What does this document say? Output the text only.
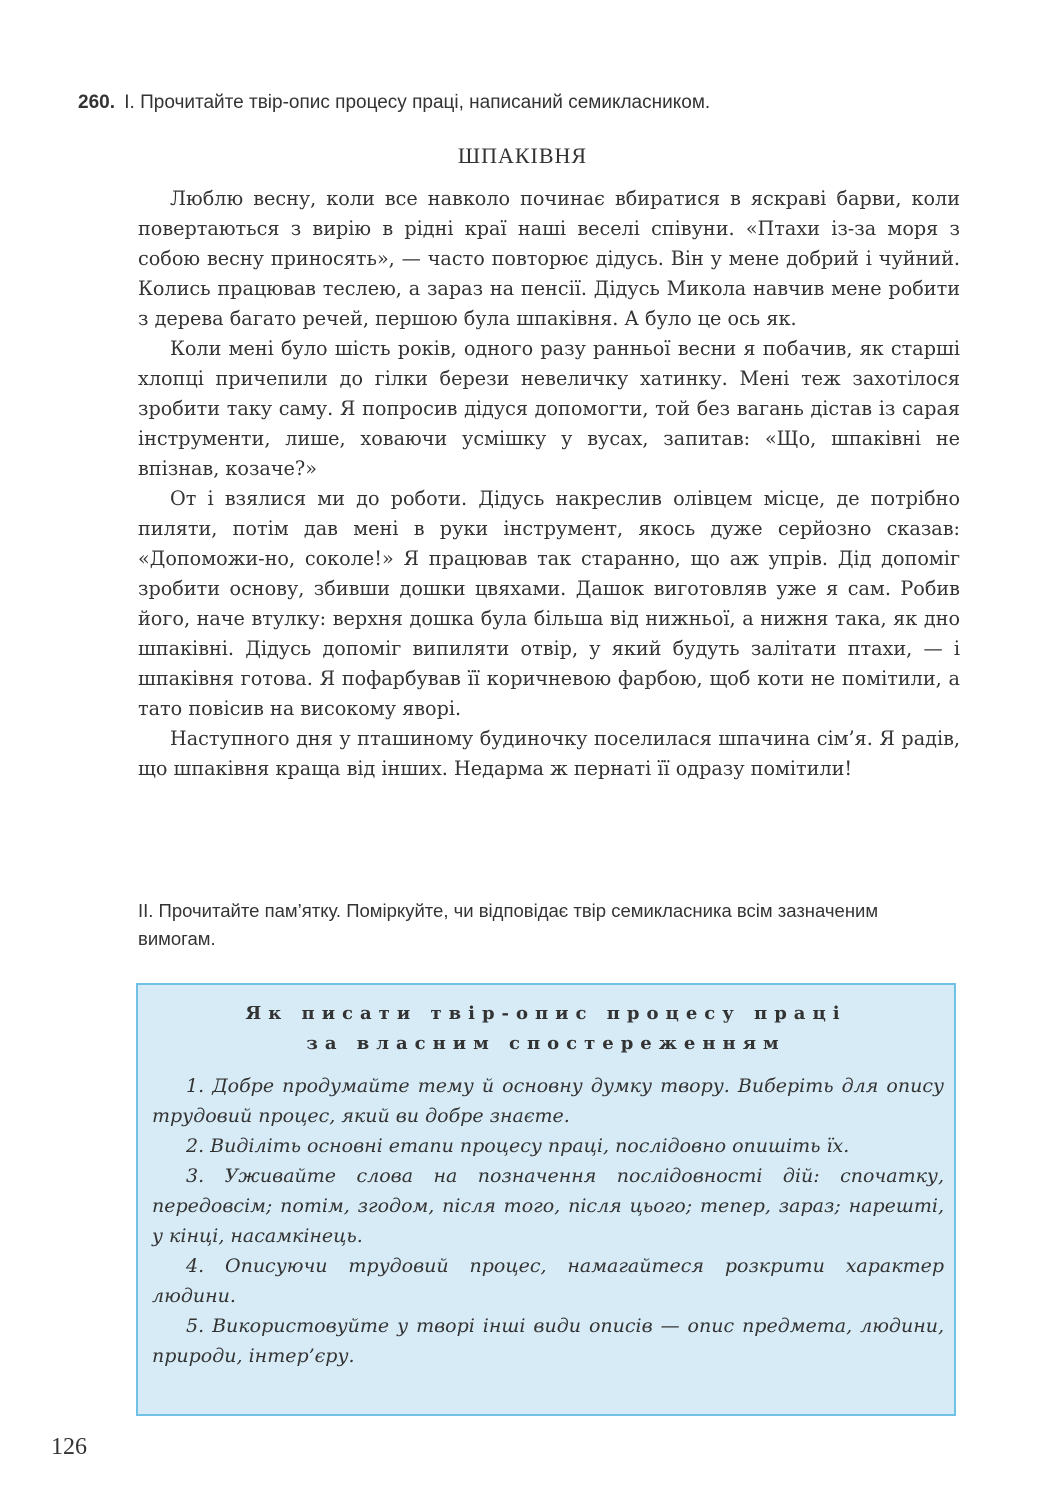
260. І. Прочитайте твір-опис процесу праці, написаний семикласником.
ШПАКІВНЯ

Люблю весну, коли все навколо починає вбиратися в яскраві барви, коли повертаються з вирію в рідні краї наші веселі співуни. «Птахи із-за моря з собою весну приносять», — часто повторює дідусь. Він у мене добрий і чуйний. Колись працював теслею, а зараз на пенсії. Дідусь Микола навчив мене робити з дерева багато речей, першою була шпаківня. А було це ось як.

Коли мені було шість років, одного разу ранньої весни я побачив, як старші хлопці причепили до гілки берези невеличку хатинку. Мені теж захотілося зробити таку саму. Я попросив дідуся допомогти, той без вагань дістав із сарая інструменти, лише, ховаючи усмішку у вусах, запитав: «Що, шпаківні не впізнав, козаче?»

От і взялися ми до роботи. Дідусь накреслив олівцем місце, де потрібно пиляти, потім дав мені в руки інструмент, якось дуже серйозно сказав: «Допоможи-но, соколе!» Я працював так старанно, що аж упрів. Дід допоміг зробити основу, збивши дошки цвяхами. Дашок виготовляв уже я сам. Робив його, наче втулку: верхня дошка була більша від нижньої, а нижня така, як дно шпаківні. Дідусь допоміг випиляти отвір, у який будуть залітати птахи, — і шпаківня готова. Я пофарбував її коричневою фарбою, щоб коти не помітили, а тато повісив на високому яворі.

Наступного дня у пташиному будиночку поселилася шпачина сім’я. Я радів, що шпаківня краща від інших. Недарма ж пернаті її одразу помітили!

ІІ. Прочитайте пам’ятку. Поміркуйте, чи відповідає твір семикласника всім зазначеним вимогам.
Як писати твір-опис процесу праці
за власним спостереженням

1. Добре продумайте тему й основну думку твору. Виберіть для опису трудовий процес, який ви добре знаєте.

2. Виділіть основні етапи процесу праці, послідовно опишіть їх.

3. Уживайте слова на позначення послідовності дій: спочатку, передовсім; потім, згодом, після того, після цього; тепер, зараз; нарешті, у кінці, насамкінець.

4. Описуючи трудовий процес, намагайтеся розкрити характер людини.

5. Використовуйте у творі інші види описів — опис предмета, людини, природи, інтер’єру.

126
